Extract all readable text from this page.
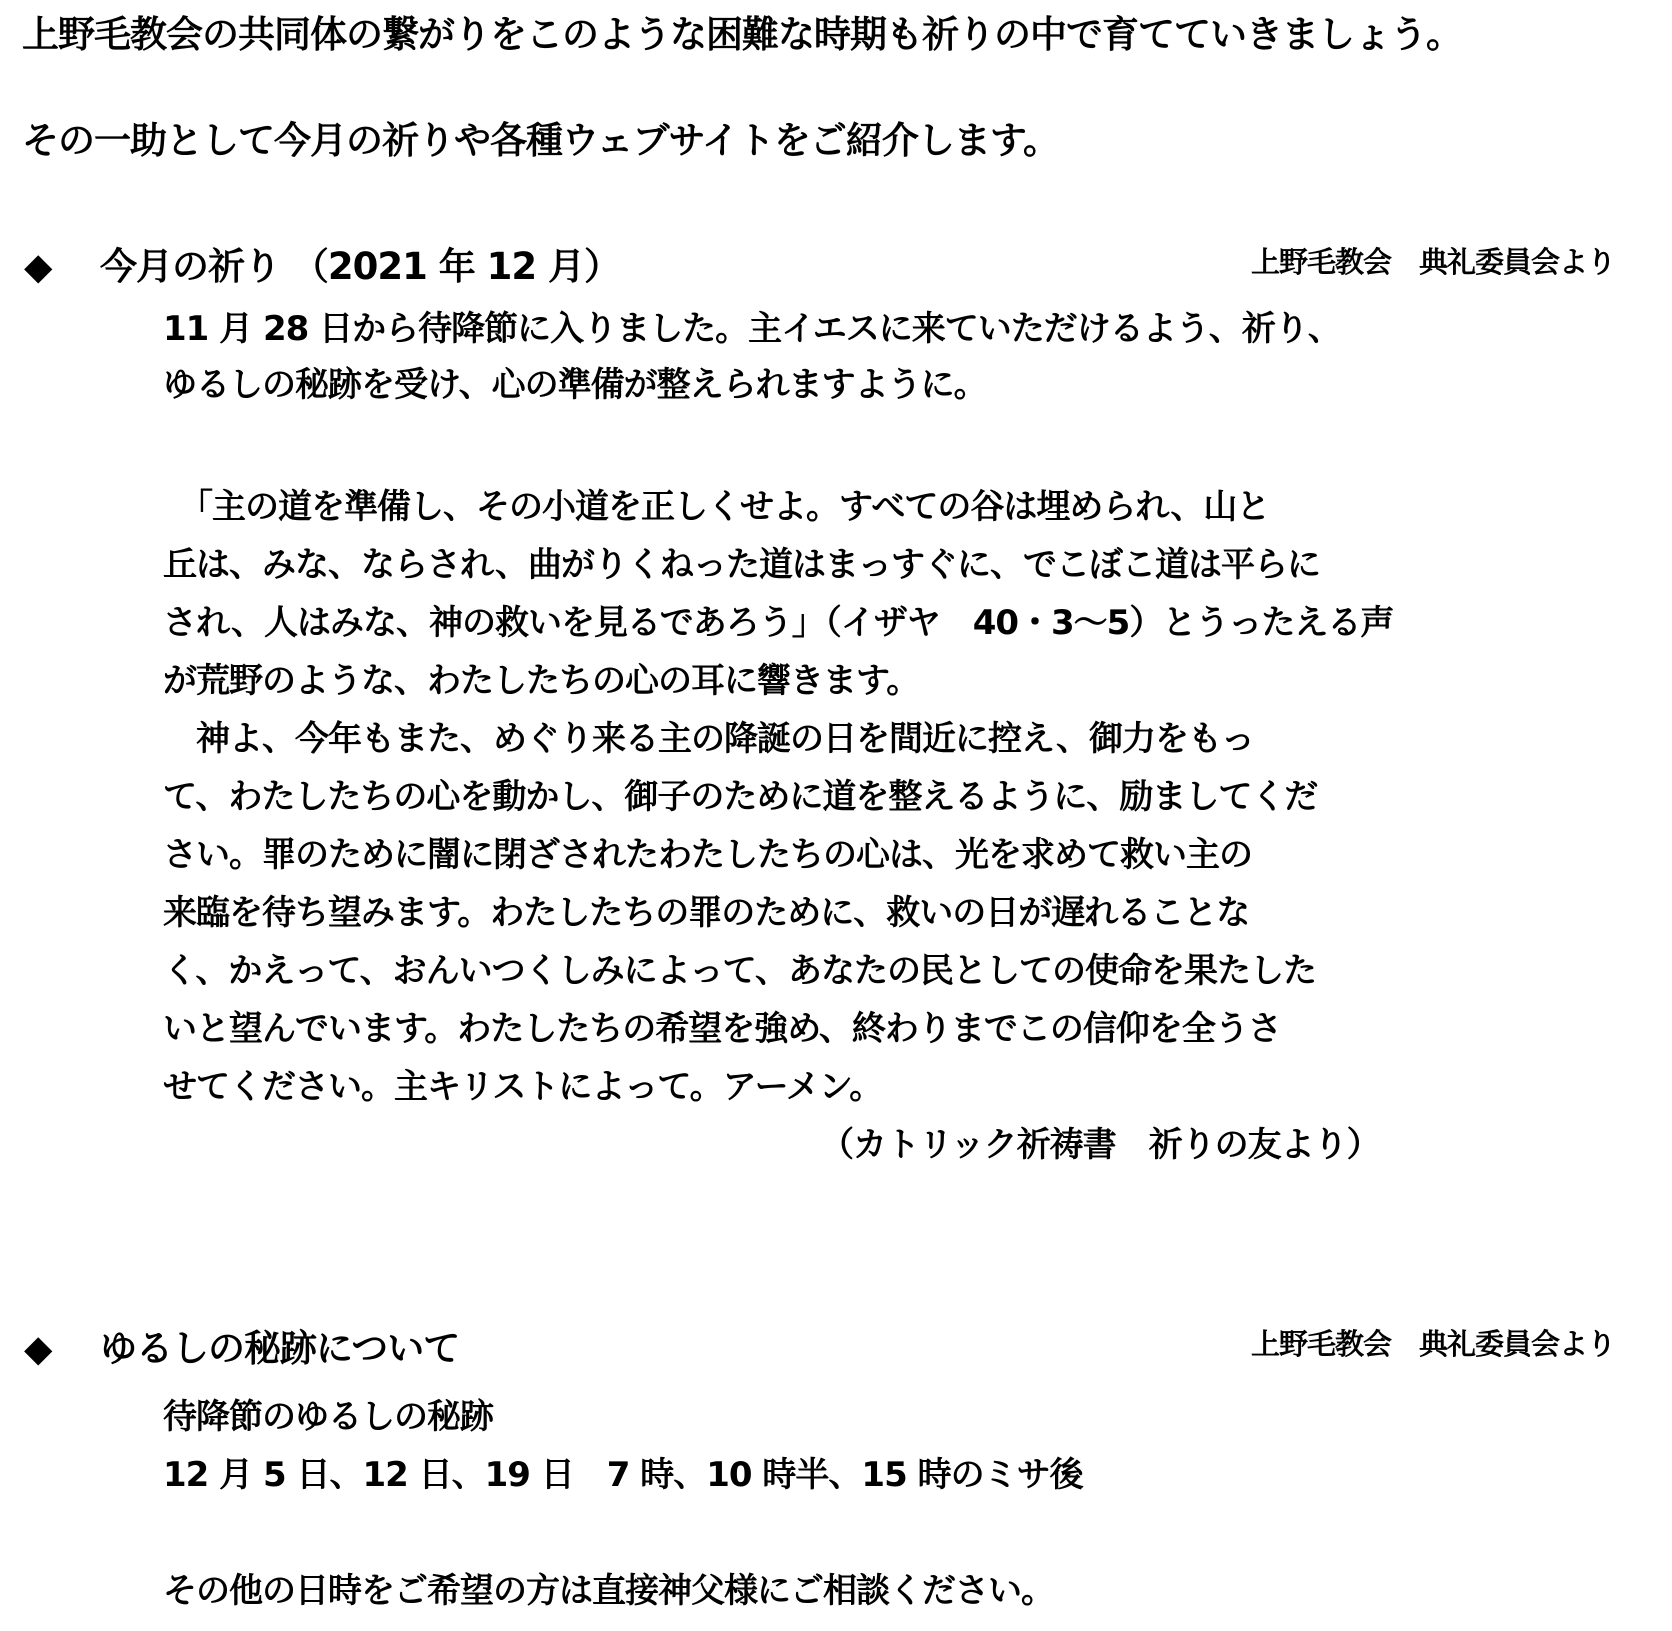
上野毛教会の共同体の繋がりをこのような困難な時期も祈りの中で育てていきましょう。
その一助として今月の祈りや各種ウェブサイトをご紹介します。
◆ 今月の祈り （2021 年 12 月）	上野毛教会　典礼委員会より
11 月 28 日から待降節に入りました。主イエスに来ていただけるよう、祈り、
ゆるしの秘跡を受け、心の準備が整えられますように。
　「主の道を準備し、その小道を正しくせよ。すべての谷は埋められ、山と
丘は、みな、ならされ、曲がりくねった道はまっすぐに、でこぼこ道は平らに
され、人はみな、神の救いを見るであろう」（イザヤ　40・3～5）とうったえる声
が荒野のような、わたしたちの心の耳に響きます。
　神よ、今年もまた、めぐり来る主の降誕の日を間近に控え、御力をもっ
て、わたしたちの心を動かし、御子のために道を整えるように、励ましてくだ
さい。罪のために闇に閉ざされたわたしたちの心は、光を求めて救い主の
来臨を待ち望みます。わたしたちの罪のために、救いの日が遅れることな
く、かえって、おんいつくしみによって、あなたの民としての使命を果たした
いと望んでいます。わたしたちの希望を強め、終わりまでこの信仰を全うさ
せてください。主キリストによって。アーメン。
（カトリック祈祷書　祈りの友より）
◆ ゆるしの秘跡について	上野毛教会　典礼委員会より
待降節のゆるしの秘跡
12 月 5 日、12 日、19 日　7 時、10 時半、15 時のミサ後
その他の日時をご希望の方は直接神父様にご相談ください。
